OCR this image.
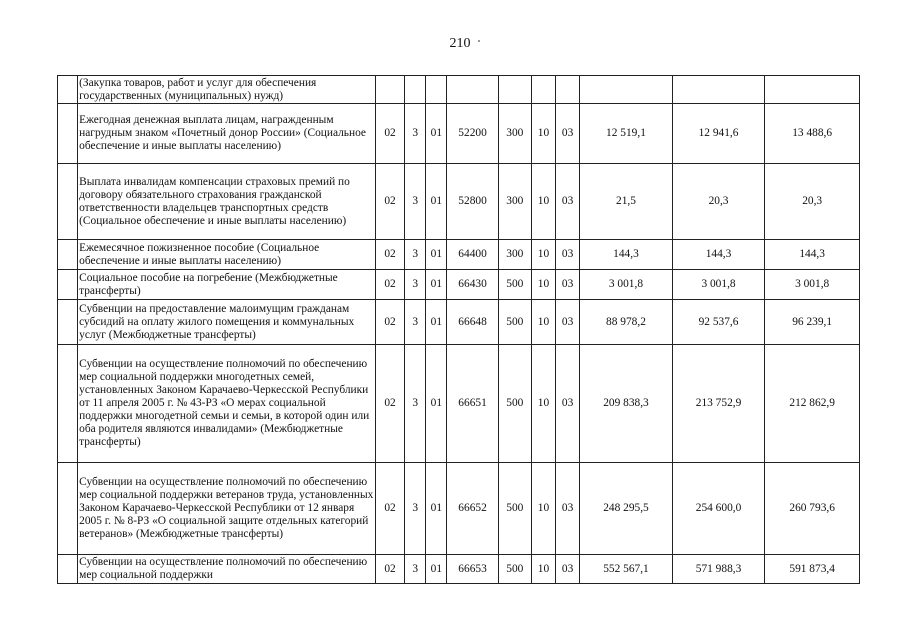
210
	(Закупка товаров, работ и услуг для обеспечения государственных (муниципальных) нужд)										
	Ежегодная денежная выплата лицам, награжденным нагрудным знаком «Почетный донор России» (Социальное обеспечение и иные выплаты населению)	02	3	01	52200	300	10	03	12 519,1	12 941,6	13 488,6
	Выплата инвалидам компенсации страховых премий по договору обязательного страхования гражданской ответственности владельцев транспортных средств (Социальное обеспечение и иные выплаты населению)	02	3	01	52800	300	10	03	21,5	20,3	20,3
	Ежемесячное пожизненное пособие (Социальное обеспечение и иные выплаты населению)	02	3	01	64400	300	10	03	144,3	144,3	144,3
	Социальное пособие на погребение (Межбюджетные трансферты)	02	3	01	66430	500	10	03	3 001,8	3 001,8	3 001,8
	Субвенции на предоставление малоимущим гражданам субсидий на оплату жилого помещения и коммунальных услуг (Межбюджетные трансферты)	02	3	01	66648	500	10	03	88 978,2	92 537,6	96 239,1
	Субвенции на осуществление полномочий по обеспечению мер социальной поддержки многодетных семей, установленных Законом Карачаево-Черкесской Республики от 11 апреля 2005 г. № 43-РЗ «О мерах социальной поддержки многодетной семьи и семьи, в которой один или оба родителя являются инвалидами» (Межбюджетные трансферты)	02	3	01	66651	500	10	03	209 838,3	213 752,9	212 862,9
	Субвенции на осуществление полномочий по обеспечению мер социальной поддержки ветеранов труда, установленных Законом Карачаево-Черкесской Республики от 12 января 2005 г. № 8-РЗ «О социальной защите отдельных категорий ветеранов» (Межбюджетные трансферты)	02	3	01	66652	500	10	03	248 295,5	254 600,0	260 793,6
	Субвенции на осуществление полномочий по обеспечению мер социальной поддержки	02	3	01	66653	500	10	03	552 567,1	571 988,3	591 873,4
